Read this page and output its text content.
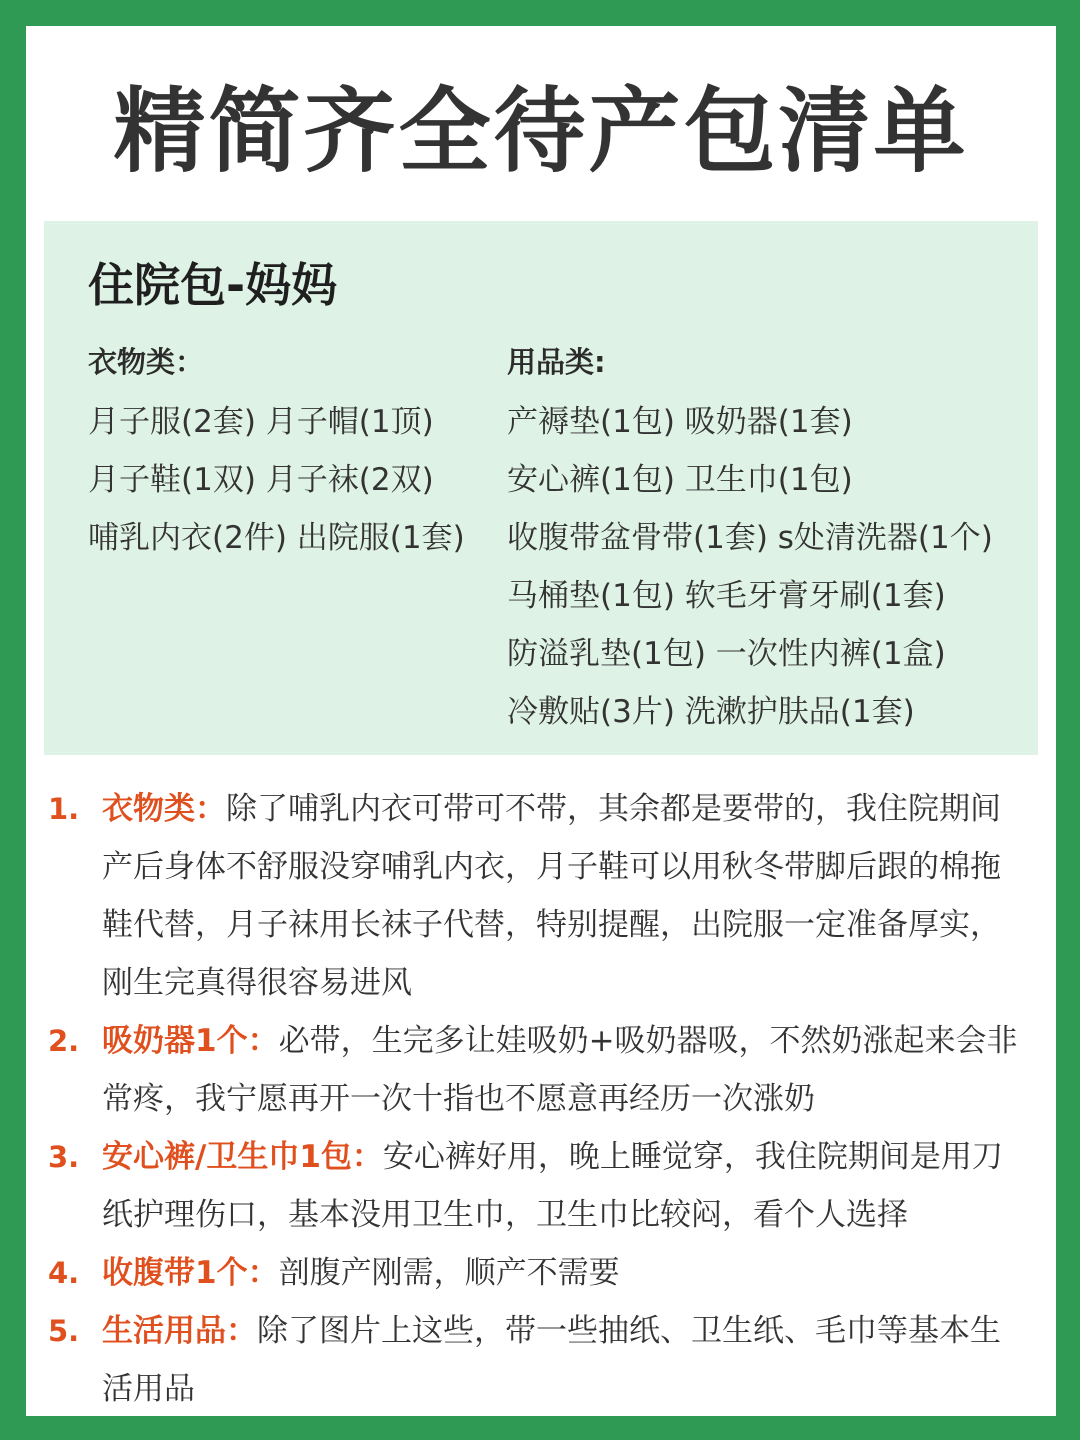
精简齐全待产包清单
住院包-妈妈
衣物类：
月子服(2套) 月子帽(1顶)
月子鞋(1双) 月子袜(2双)
哺乳内衣(2件) 出院服(1套)
用品类:
产褥垫(1包) 吸奶器(1套)
安心裤(1包) 卫生巾(1包)
收腹带盆骨带(1套) s处清洗器(1个)
马桶垫(1包) 软毛牙膏牙刷(1套)
防溢乳垫(1包) 一次性内裤(1盒)
冷敷贴(3片) 洗漱护肤品(1套)
1. 衣物类：除了哺乳内衣可带可不带，其余都是要带的，我住院期间产后身体不舒服没穿哺乳内衣，月子鞋可以用秋冬带脚后跟的棉拖鞋代替，月子袜用长袜子代替，特别提醒，出院服一定准备厚实，刚生完真得很容易进风
2. 吸奶器1个：必带，生完多让娃吸奶+吸奶器吸，不然奶涨起来会非常疼，我宁愿再开一次十指也不愿意再经历一次涨奶
3. 安心裤/卫生巾1包：安心裤好用，晚上睡觉穿，我住院期间是用刀纸护理伤口，基本没用卫生巾，卫生巾比较闷，看个人选择
4. 收腹带1个：剖腹产刚需，顺产不需要
5. 生活用品：除了图片上这些，带一些抽纸、卫生纸、毛巾等基本生活用品
